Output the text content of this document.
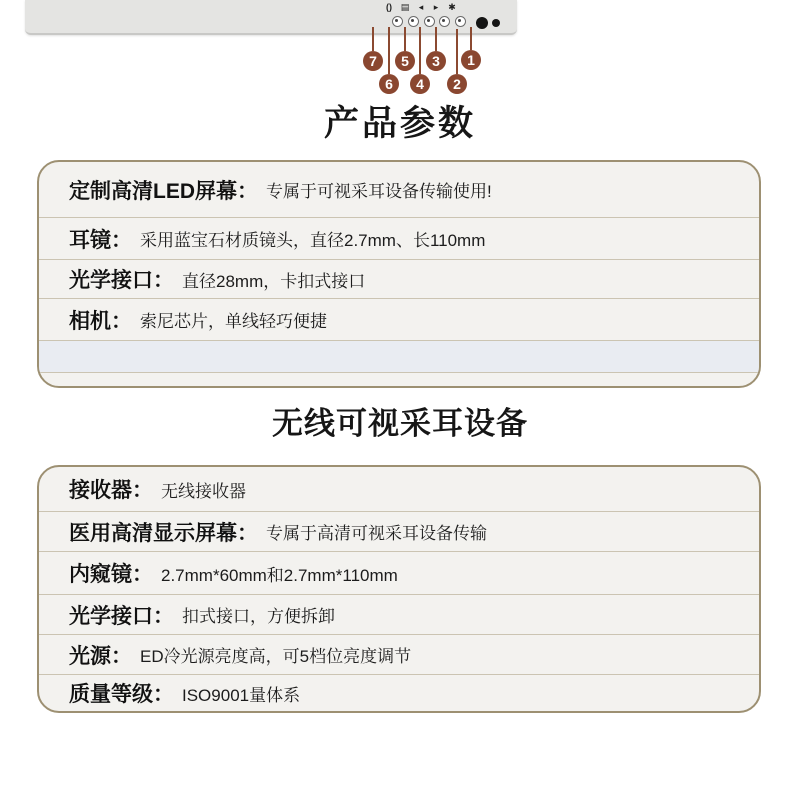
() ▤	◂	▸	✱
7
6
5
4
3
2
1
产品参数
定制高清LED屏幕： 专属于可视采耳设备传输使用!
耳镜： 采用蓝宝石材质镜头，直径2.7mm、长110mm
光学接口： 直径28mm，卡扣式接口
相机： 索尼芯片，单线轻巧便捷
无线可视采耳设备
接收器： 无线接收器
医用高清显示屏幕： 专属于高清可视采耳设备传输
内窥镜： 2.7mm*60mm和2.7mm*110mm
光学接口： 扣式接口，方便拆卸
光源： ED冷光源亮度高，可5档位亮度调节
质量等级： ISO9001量体系
